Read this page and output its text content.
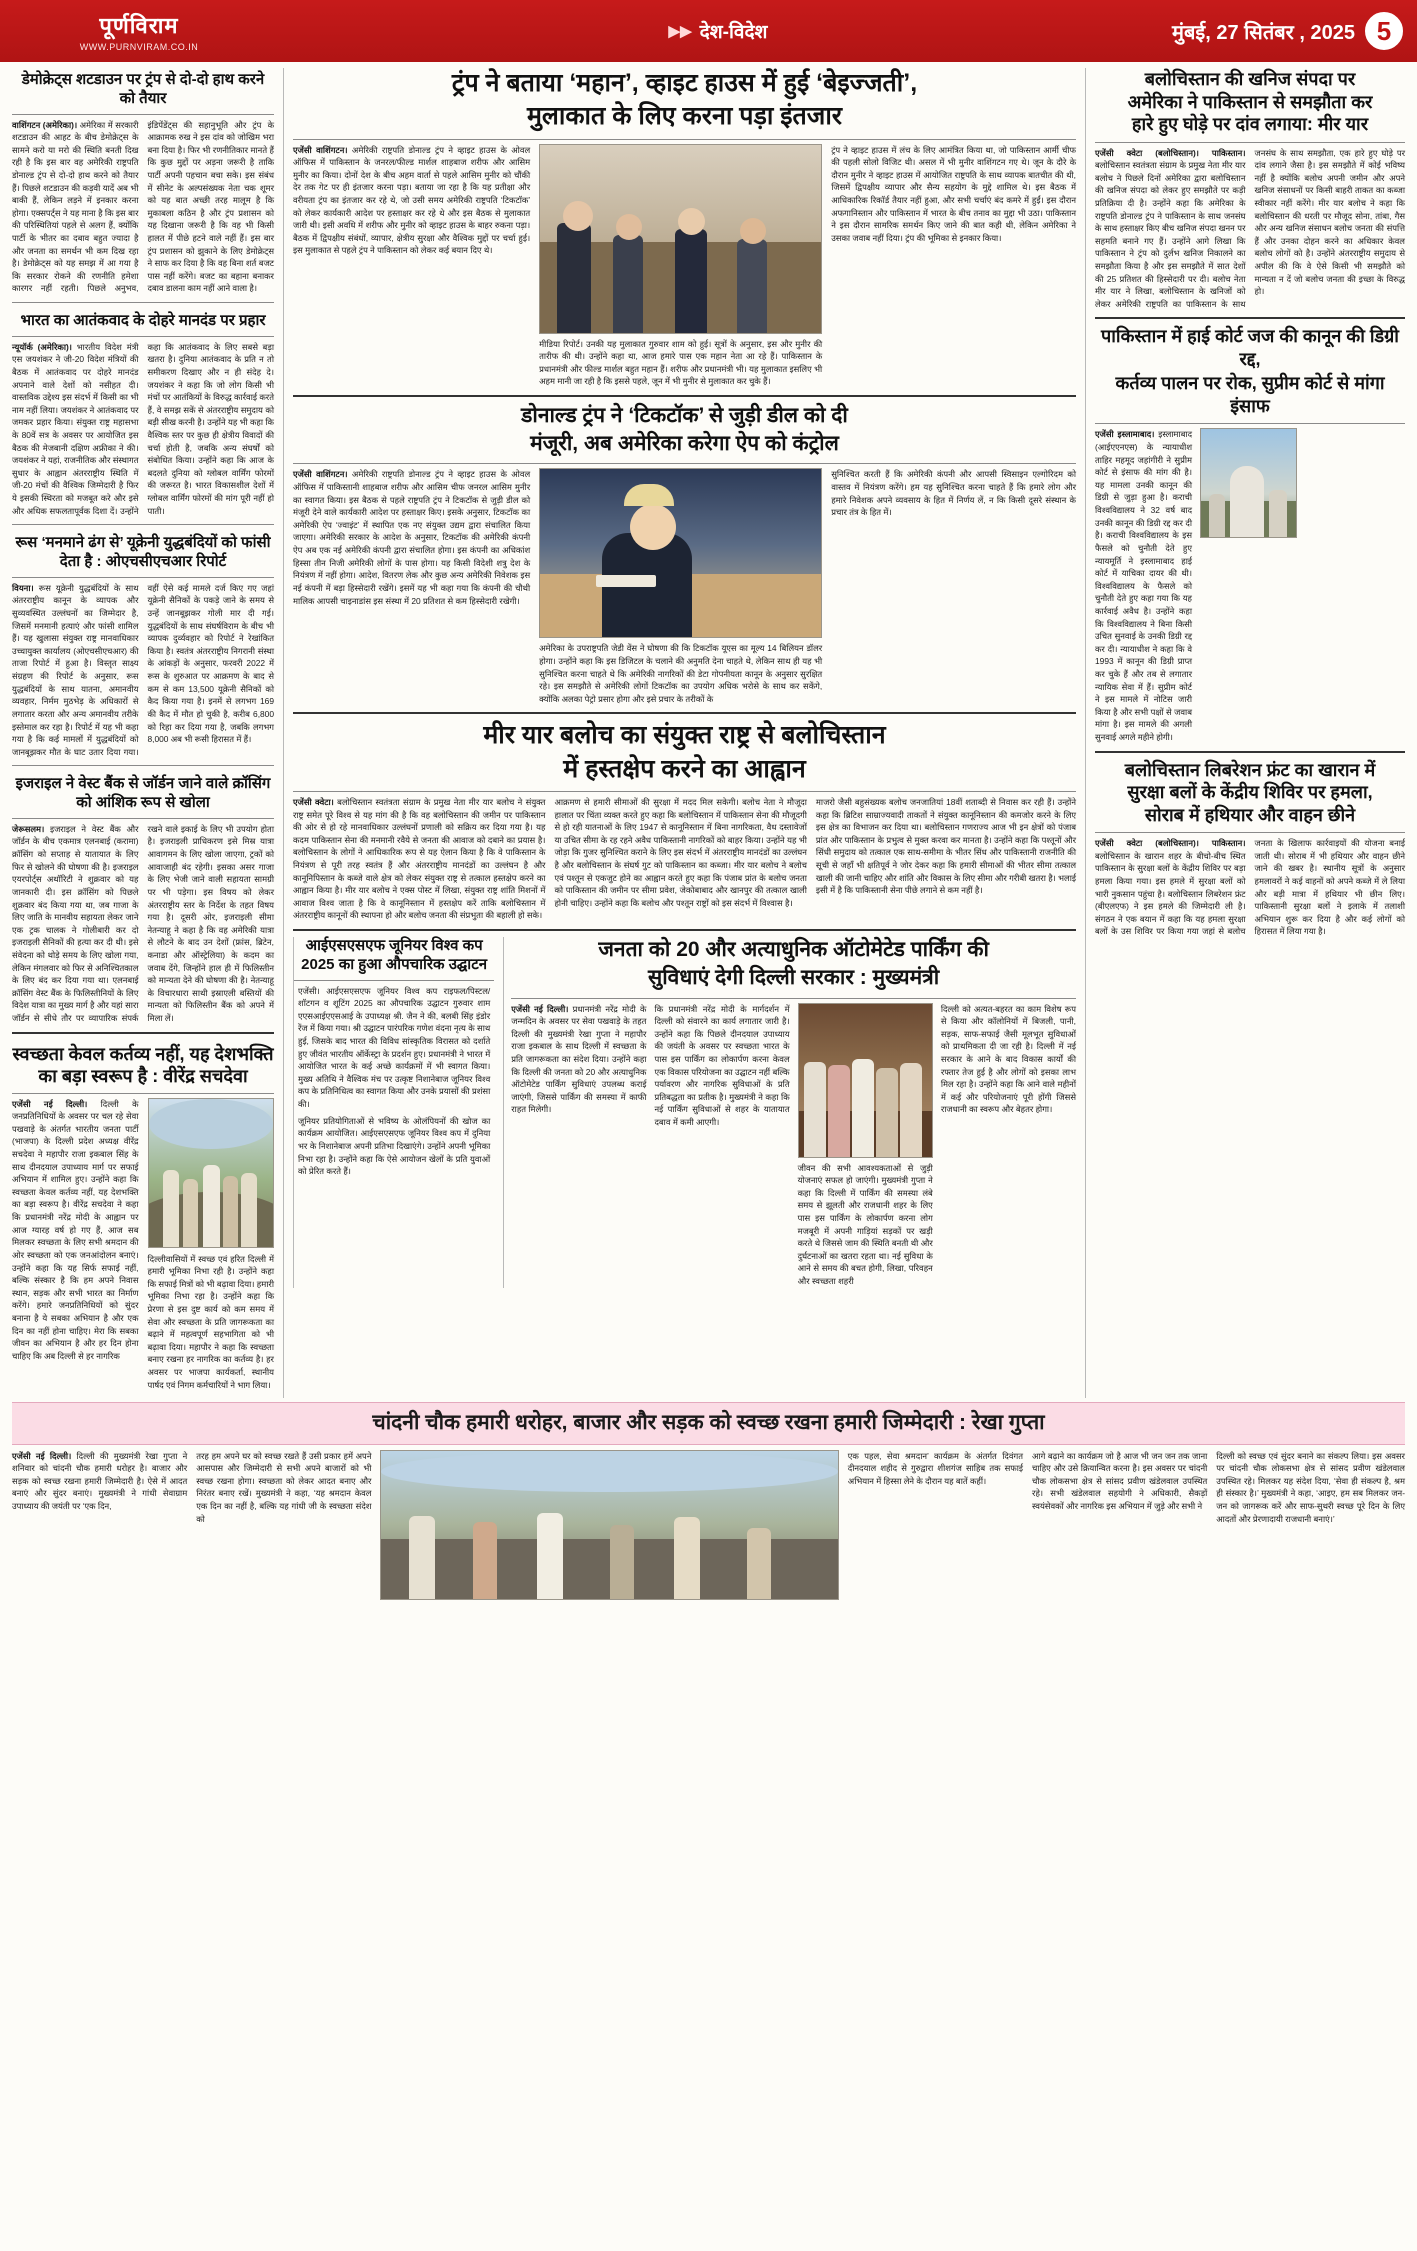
पूर्णविराम
WWW.PURNVIRAM.CO.IN
▶▶ देश-विदेश	मुंबई, 27 सितंबर , 2025 5
डेमोक्रेट्स शटडाउन पर ट्रंप से दो-दो हाथ करने को तैयार
वाशिंगटन (अमेरिका)। अमेरिका में सरकारी शटडाउन की आहट के बीच डेमोक्रेट्स के सामने करो या मरो की स्थिति बनती दिख रही है कि इस बार वह अमेरिकी राष्ट्रपति डोनाल्ड ट्रंप से दो-दो हाथ करने को तैयार हैं। पिछले शटडाउन की कड़वी यादें अब भी बाकी हैं, लेकिन लड़ने में इनकार करना होगा। एक्सपर्ट्स ने यह माना है कि इस बार की परिस्थितियां पहले से अलग हैं, क्योंकि पार्टी के भीतर का दबाव बहुत ज्यादा है और जनता का समर्थन भी कम दिख रहा है। डेमोक्रेट्स को यह समझ में आ गया है कि सरकार रोकने की रणनीति हमेशा कारगर नहीं रहती। पिछले अनुभव, इंडिपेंडेंट्स की सहानुभूति और ट्रंप के आक्रामक रुख ने इस दांव को जोखिम भरा बना दिया है। फिर भी रणनीतिकार मानते हैं कि कुछ मुद्दों पर अड़ना जरूरी है ताकि पार्टी अपनी पहचान बचा सके। इस संबंध में सीनेट के अल्पसंख्यक नेता चक शूमर को यह बात अच्छी तरह मालूम है कि मुकाबला कठिन है और ट्रंप प्रशासन को यह दिखाना जरूरी है कि वह भी किसी हालत में पीछे हटने वाले नहीं हैं। इस बार ट्रंप प्रशासन को झुकाने के लिए डेमोक्रेट्स ने साफ कर दिया है कि वह बिना शर्त बजट पास नहीं करेंगे। बजट का बहाना बनाकर दबाव डालना काम नहीं आने वाला है।
भारत का आतंकवाद के दोहरे मानदंड पर प्रहार
न्यूयॉर्क (अमेरिका)। भारतीय विदेश मंत्री एस जयशंकर ने जी-20 विदेश मंत्रियों की बैठक में आतंकवाद पर दोहरे मानदंड अपनाने वाले देशों को नसीहत दी। वास्तविक उद्देश्य इस संदर्भ में किसी का भी नाम नहीं लिया। जयशंकर ने आतंकवाद पर जमकर प्रहार किया। संयुक्त राष्ट्र महासभा के 80वें सत्र के अवसर पर आयोजित इस बैठक की मेजबानी दक्षिण अफ्रीका ने की। जयशंकर ने यहां, राजनीतिक और संस्थागत सुधार के आह्वान अंतरराष्ट्रीय स्थिति में जी-20 मंचों की वैश्विक जिम्मेदारी है फिर ये इसकी स्थिरता को मजबूत करे और इसे और अधिक सफलतापूर्वक दिशा दें। उन्होंने कहा कि आतंकवाद के लिए सबसे बड़ा खतरा है। दुनिया आतंकवाद के प्रति न तो समीकरण दिखाए और न ही संदेह दे। जयशंकर ने कहा कि जो लोग किसी भी मंचों पर आतंकियों के विरुद्ध कार्रवाई करते हैं, वे समझ सकें से अंतरराष्ट्रीय समुदाय को बड़ी सीख करनी है। उन्होंने यह भी कहा कि वैश्विक स्तर पर कुछ ही क्षेत्रीय विवादों की चर्चा होती है, जबकि अन्य संघर्षों को संबोधित किया। उन्होंने कहा कि आज के बदलते दुनिया को ग्लोबल वार्मिंग फोरमों की जरूरत है। भारत विकासशील देशों में ग्लोबल वार्मिंग फोरमों की मांग पूरी नहीं हो पाती।
रूस ‘मनमाने ढंग से’ यूक्रेनी युद्धबंदियों को फांसी देता है : ओएचसीएचआर रिपोर्ट
वियना। रूस यूक्रेनी युद्धबंदियों के साथ अंतरराष्ट्रीय कानून के व्यापक और सुव्यवस्थित उल्लंघनों का जिम्मेदार है, जिसमें मनमानी हत्याएं और फांसी शामिल हैं। यह खुलासा संयुक्त राष्ट्र मानवाधिकार उच्चायुक्त कार्यालय (ओएचसीएचआर) की ताजा रिपोर्ट में हुआ है। विस्तृत साक्ष्य संग्रहण की रिपोर्ट के अनुसार, रूस युद्धबंदियों के साथ यातना, अमानवीय व्यवहार, निर्मम मुठभेड़ के अधिकारों से लगातार करता और अन्य अमानवीय तरीके इस्तेमाल कर रहा है। रिपोर्ट में यह भी कहा गया है कि कई मामलों में युद्धबंदियों को जानबूझकर मौत के घाट उतार दिया गया। वहीं ऐसे कई मामले दर्ज किए गए जहां यूक्रेनी सैनिकों के पकड़े जाने के समय से उन्हें जानबूझकर गोली मार दी गई। युद्धबंदियों के साथ संघर्षविराम के बीच भी व्यापक दुर्व्यवहार को रिपोर्ट ने रेखांकित किया है। स्वतंत्र अंतरराष्ट्रीय निगरानी संस्था के आंकड़ों के अनुसार, फरवरी 2022 में रूस के शुरुआत पर आक्रमण के बाद से कम से कम 13,500 यूक्रेनी सैनिकों को कैद किया गया है। इनमें से लगभग 169 की कैद में मौत हो चुकी है, करीब 6,800 को रिहा कर दिया गया है, जबकि लगभग 8,000 अब भी रूसी हिरासत में हैं।
इजराइल ने वेस्ट बैंक से जॉर्डन जाने वाले क्रॉसिंग को आंशिक रूप से खोला
जेरूसलम। इजराइल ने वेस्ट बैंक और जॉर्डन के बीच एकमात्र एलनबाई (करामा) क्रॉसिंग को सप्ताह से यातायात के लिए फिर से खोलने की घोषणा की है। इजराइल एयरपोर्ट्स अथॉरिटी ने शुक्रवार को यह जानकारी दी। इस क्रॉसिंग को पिछले शुक्रवार बंद किया गया था, जब गाजा के लिए जाति के मानवीय सहायता लेकर जाने एक ट्रक चालक ने गोलीबारी कर दो इजराइली सैनिकों की हत्या कर दी थी। इसे संवेदना को थोड़े समय के लिए खोला गया, लेकिन मंगलवार को फिर से अनिश्चितकाल के लिए बंद कर दिया गया था। एलनबाई क्रॉसिंग वेस्ट बैंक के फिलिस्तीनियों के लिए विदेश यात्रा का मुख्य मार्ग है और यहां सारा जॉर्डन से सीधे तौर पर व्यापारिक संपर्क रखने वाले इकाई के लिए भी उपयोग होता है। इजराइली प्राधिकरण इसे मिस्र यात्रा आवागमन के लिए खोला जाएगा, ट्रकों को आवाजाही बंद रहेगी। इसका असर गाजा के लिए भेजी जाने वाली सहायता सामग्री पर भी पड़ेगा। इस विषय को लेकर अंतरराष्ट्रीय स्तर के निर्देश के तहत विषय गया है। दूसरी ओर, इजराइली सीमा नेतन्याहू ने कहा है कि वह अमेरिकी यात्रा से लौटने के बाद उन देशों (फ्रांस, ब्रिटेन, कनाडा और ऑस्ट्रेलिया) के कदम का जवाब देंगे, जिन्होंने हाल ही में फिलिस्तीन को मान्यता देने की घोषणा की है। नेतन्याहू के विचारधारा साथी इस्राएली बस्तियों की मान्यता को फिलिस्तीन बैंक को अपने में मिला लें।
स्वच्छता केवल कर्तव्य नहीं, यह देशभक्ति का बड़ा स्वरूप है : वीरेंद्र सचदेवा
एजेंसी नई दिल्ली। दिल्ली के जनप्रतिनिधियों के अवसर पर चल रहे सेवा पखवाड़े के अंतर्गत भारतीय जनता पार्टी (भाजपा) के दिल्ली प्रदेश अध्यक्ष वीरेंद्र सचदेवा ने महापौर राजा इकबाल सिंह के साथ दीनदयाल उपाध्याय मार्ग पर सफाई अभियान में शामिल हुए। उन्होंने कहा कि स्वच्छता केवल कर्तव्य नहीं, यह देशभक्ति का बड़ा स्वरूप है। वीरेंद्र सचदेवा ने कहा कि प्रधानमंत्री नरेंद्र मोदी के आह्वान पर आज ग्यारह वर्ष हो गए हैं, आज सब मिलकर स्वच्छता के लिए सभी श्रमदान की ओर स्वच्छता को एक जनआंदोलन बनाएं। उन्होंने कहा कि यह सिर्फ सफाई नहीं, बल्कि संस्कार है कि हम अपने निवास स्थान, सड़क और सभी भारत का निर्माण करेंगे। हमारे जनप्रतिनिधियों को सुंदर बनाना है ये सबका अभियान है और एक दिन का नहीं होना चाहिए। मेरा कि सबका जीवन का अभियान है और हर दिन होना चाहिए कि अब दिल्ली से हर नागरिक
दिल्लीवासियों में स्वच्छ एवं हरित दिल्ली में हमारी भूमिका निभा रही है। उन्होंने कहा कि सफाई मित्रों को भी बढ़ावा दिया। हमारी भूमिका निभा रहा है। उन्होंने कहा कि प्रेरणा से इस दुष्ट कार्य को कम समय में सेवा और स्वच्छता के प्रति जागरूकता का बढ़ाने में महत्वपूर्ण सहभागिता को भी बढ़ावा दिया। महापौर ने कहा कि स्वच्छता बनाए रखना हर नागरिक का कर्तव्य है। हर अवसर पर भाजपा कार्यकर्ता, स्थानीय पार्षद एवं निगम कर्मचारियों ने भाग लिया।
ट्रंप ने बताया ‘महान’, व्हाइट हाउस में हुई ‘बेइज्जती’,
मुलाकात के लिए करना पड़ा इंतजार
एजेंसी वाशिंगटन। अमेरिकी राष्ट्रपति डोनाल्ड ट्रंप ने व्हाइट हाउस के ओवल ऑफिस में पाकिस्तान के जनरल/फील्ड मार्शल शाहबाज शरीफ और आसिम मुनीर का किया। दोनों देश के बीच अहम वार्ता से पहले आसिम मुनीर को चौंकी देर तक गेट पर ही इंतजार करना पड़ा। बताया जा रहा है कि यह प्रतीक्षा और वरीयता ट्रंप का इंतजार कर रहे थे, जो उसी समय अमेरिकी राष्ट्रपति ‘टिकटॉक’ को लेकर कार्यकारी आदेश पर हस्ताक्षर कर रहे थे और इस बैठक से मुलाकात जारी थी। इसी अवधि में शरीफ और मुनीर को व्हाइट हाउस के बाहर रुकना पड़ा। बैठक में द्विपक्षीय संबंधों, व्यापार, क्षेत्रीय सुरक्षा और वैश्विक मुद्दों पर चर्चा हुई। इस मुलाकात से पहले ट्रंप ने पाकिस्तान को लेकर कई बयान दिए थे।
मीडिया रिपोर्ट। उनकी यह मुलाकात गुरुवार शाम को हुई। सूत्रों के अनुसार, इस और मुनीर की तारीफ की थी। उन्होंने कहा था, आज हमारे पास एक महान नेता आ रहे हैं। पाकिस्तान के प्रधानमंत्री और फील्ड मार्शल बहुत महान हैं। शरीफ और प्रधानमंत्री भी। यह मुलाकात इसलिए भी अहम मानी जा रही है कि इससे पहले, जून में भी मुनीर से मुलाकात कर चुके हैं।
ट्रंप ने व्हाइट हाउस में लंच के लिए आमंत्रित किया था, जो पाकिस्तान आर्मी चीफ की पहली सोलो विजिट थी। असल में भी मुनीर वाशिंगटन गए थे। जून के दौरे के दौरान मुनीर ने व्हाइट हाउस में आयोजित राष्ट्रपति के साथ व्यापक बातचीत की थी, जिसमें द्विपक्षीय व्यापार और सैन्य सहयोग के मुद्दे शामिल थे। इस बैठक में आधिकारिक रिकॉर्ड तैयार नहीं हुआ, और सभी चर्चाएं बंद कमरे में हुईं। इस दौरान अफगानिस्तान और पाकिस्तान में भारत के बीच तनाव का मुद्दा भी उठा। पाकिस्तान ने इस दौरान सामरिक समर्थन किए जाने की बात कही थी, लेकिन अमेरिका ने उसका जवाब नहीं दिया। ट्रंप की भूमिका से इनकार किया।
डोनाल्ड ट्रंप ने ‘टिकटॉक’ से जुड़ी डील को दी
मंजूरी, अब अमेरिका करेगा ऐप को कंट्रोल
एजेंसी वाशिंगटन। अमेरिकी राष्ट्रपति डोनाल्ड ट्रंप ने व्हाइट हाउस के ओवल ऑफिस में पाकिस्तानी शाहबाज शरीफ और आसिम चीफ जनरल आसिम मुनीर का स्वागत किया। इस बैठक से पहले राष्ट्रपति ट्रंप ने टिकटॉक से जुड़ी डील को मंजूरी देने वाले कार्यकारी आदेश पर हस्ताक्षर किए। इसके अनुसार, टिकटॉक का अमेरिकी ऐप ‘ज्वाइंट’ में स्थापित एक नए संयुक्त उद्यम द्वारा संचालित किया जाएगा। अमेरिकी सरकार के आदेश के अनुसार, टिकटॉक की अमेरिकी कंपनी ऐप अब एक नई अमेरिकी कंपनी द्वारा संचालित होगा। इस कंपनी का अधिकांश हिस्सा तीन निजी अमेरिकी लोगों के पास होगा। यह किसी विदेशी शत्रु देश के नियंत्रण में नहीं होगा। आदेश, वितरण लेक और कुछ अन्य अमेरिकी निवेशक इस नई कंपनी में बड़ा हिस्सेदारी रखेंगे। इसमें यह भी कहा गया कि कंपनी की चौथी मालिक आपसी चाइनाडांस इस संस्था में 20 प्रतिशत से कम हिस्सेदारी रखेगी।
अमेरिका के उपराष्ट्रपति जेडी वेंस ने घोषणा की कि टिकटॉक यूएस का मूल्य 14 बिलियन डॉलर होगा। उन्होंने कहा कि इस डिजिटल के चलाने की अनुमति देना चाहते थे, लेकिन साथ ही यह भी सुनिश्चित करना चाहते थे कि अमेरिकी नागरिकों की डेटा गोपनीयता कानून के अनुसार सुरक्षित रहे। इस समझौते से अमेरिकी लोगों टिकटॉक का उपयोग अधिक भरोसे के साथ कर सकेंगे, क्योंकि अलका पेट्रो प्रसार होगा और इसे प्रचार के तरीकों के
सुनिश्चित करती हैं कि अमेरिकी कंपनी और आपसी स्विसाइन एल्गोरिदम को वास्तव में नियंत्रण करेंगे। हम यह सुनिश्चित करना चाहते हैं कि हमारे लोग और हमारे निवेशक अपने व्यवसाय के हित में निर्णय लें, न कि किसी दूसरे संस्थान के प्रचार तंत्र के हित में।
मीर यार बलोच का संयुक्त राष्ट्र से बलोचिस्तान
में हस्तक्षेप करने का आह्वान
एजेंसी क्वेटा। बलोचिस्तान स्वतंत्रता संग्राम के प्रमुख नेता मीर यार बलोच ने संयुक्त राष्ट्र समेत पूरे विश्व से यह मांग की है कि वह बलोचिस्तान की जमीन पर पाकिस्तान की ओर से हो रहे मानवाधिकार उल्लंघनों प्रणाली को सक्रिय कर दिया गया है। यह कदम पाकिस्तान सेना की मनमानी रवैये से जनता की आवाज को दबाने का प्रयास है। बलोचिस्तान के लोगों ने आधिकारिक रूप से यह ऐलान किया है कि वे पाकिस्तान के नियंत्रण से पूरी तरह स्वतंत्र हैं और अंतरराष्ट्रीय मानदंडों का उल्लंघन है और कानूनिपिस्तान के कब्जे वाले क्षेत्र को लेकर संयुक्त राष्ट्र से तत्काल हस्तक्षेप करने का आह्वान किया है। मीर यार बलोच ने एक्स पोस्ट में लिखा, संयुक्त राष्ट्र शांति मिशनों में आवाज विश्व जाता है कि वे कानूनिस्तान में हस्तक्षेप करें ताकि बलोचिस्तान में अंतरराष्ट्रीय कानूनों की स्थापना हो और बलोच जनता की संप्रभुता की बहाली हो सके।
आक्रमण से हमारी सीमाओं की सुरक्षा में मदद मिल सकेगी। बलोच नेता ने मौजूदा हालात पर चिंता व्यक्त करते हुए कहा कि बलोचिस्तान में पाकिस्तान सेना की मौजूदगी से हो रही यातनाओं के लिए 1947 से कानूनिस्तान में बिना नागरिकता, वैध दस्तावेजों या उचित सीमा के रह रहने अवैध पाकिस्तानी नागरिकों को बाहर किया। उन्होंने यह भी जोड़ा कि गुजर सुनिश्चित कराने के लिए इस संदर्भ में अंतरराष्ट्रीय मानदंडों का उल्लंघन है और बलोचिस्तान के संघर्ष गुट को पाकिस्तान का कब्जा। मीर यार बलोच ने बलोच एवं पश्तून से एकजुट होने का आह्वान करते हुए कहा कि पंजाब प्रांत के बलोच जनता को पाकिस्तान की जमीन पर सीमा प्रवेश, जेकोबाबाद और खानपुर की तत्काल खाली होनी चाहिए। उन्होंने कहा कि बलोच और पश्तून राष्ट्रों को इस संदर्भ में विश्वास है।
माजरो जैसी बहुसंख्यक बलोच जनजातियां 18वीं शताब्दी से निवास कर रही हैं। उन्होंने कहा कि ब्रिटिश साम्राज्यवादी ताकतों ने संयुक्त कानूनिस्तान की कमजोर करने के लिए इस क्षेत्र का विभाजन कर दिया था। बलोचिस्तान गणराज्य आज भी इन क्षेत्रों को पंजाब प्रांत और पाकिस्तान के प्रभुत्व से मुक्त करवा कर मानता है। उन्होंने कहा कि पश्तूनों और सिंधी समुदाय को तत्काल एक साथ-समीमा के भीतर सिंध और पाकिस्तानी राजनीति की सूची से जहाँ भी क्षतिपूर्व ने जोर देकर कहा कि हमारी सीमाओं की भीतर सीमा तत्काल खाली की जानी चाहिए और शांति और विकास के लिए सीमा और गरीबी खतरा है। भलाई इसी में है कि पाकिस्तानी सेना पीछे लगाने से कम नहीं है।
आईएसएसएफ जूनियर विश्व कप 2025 का हुआ औपचारिक उद्घाटन
एजेंसी। आईएसएसएफ जूनियर विश्व कप राइफल/पिस्टल/शॉटगन व शूटिंग 2025 का औपचारिक उद्घाटन गुरुवार शाम एएसआईएएसआई के उपाध्यक्ष श्री. जैन ने की, बलबी सिंह इंडोर रेंज में किया गया। श्री उद्घाटन पारंपरिक गणेश वंदना नृत्य के साथ हुई, जिसके बाद भारत की विविध सांस्कृतिक विरासत को दर्शाते हुए जीवंत भारतीय ऑर्केस्ट्रा के प्रदर्शन हुए। प्रधानमंत्री ने भारत में आयोजित भारत के कई अच्छे कार्यक्रमों में भी स्वागत किया। मुख्य अतिथि ने वैश्विक मंच पर उत्कृष्ट निशानेबाज जूनियर विश्व कप के प्रतिनिधित्व का स्वागत किया और उनके प्रयासों की प्रशंसा की।
जूनियर प्रतियोगिताओं से भविष्य के ओलंपियनों की खोज का कार्यक्रम आयोजित। आईएसएसएफ जूनियर विश्व कप में दुनिया भर के निशानेबाज अपनी प्रतिभा दिखाएंगे। उन्होंने अपनी भूमिका निभा रहा है। उन्होंने कहा कि ऐसे आयोजन खेलों के प्रति युवाओं को प्रेरित करते हैं।
जनता को 20 और अत्याधुनिक ऑटोमेटेड पार्किंग की
सुविधाएं देगी दिल्ली सरकार : मुख्यमंत्री
एजेंसी नई दिल्ली। प्रधानमंत्री नरेंद्र मोदी के जन्मदिन के अवसर पर सेवा पखवाड़े के तहत दिल्ली की मुख्यमंत्री रेखा गुप्ता ने महापौर राजा इकबाल के साथ दिल्ली में स्वच्छता के प्रति जागरूकता का संदेश दिया। उन्होंने कहा कि दिल्ली की जनता को 20 और अत्याधुनिक ऑटोमेटेड पार्किंग सुविधाएं उपलब्ध कराई जाएंगी, जिससे पार्किंग की समस्या में काफी राहत मिलेगी।
कि प्रधानमंत्री नरेंद्र मोदी के मार्गदर्शन में दिल्ली को संवारने का कार्य लगातार जारी है। उन्होंने कहा कि पिछले दीनदयाल उपाध्याय की जयंती के अवसर पर स्वच्छता भारत के पास इस पार्किंग का लोकार्पण करना केवल एक विकास परियोजना का उद्घाटन नहीं बल्कि पर्यावरण और नागरिक सुविधाओं के प्रति प्रतिबद्धता का प्रतीक है। मुख्यमंत्री ने कहा कि नई पार्किंग सुविधाओं से शहर के यातायात दबाव में कमी आएगी।
जीवन की सभी आवश्यकताओं से जुड़ी योजनाएं सफल हो जाएंगी। मुख्यमंत्री गुप्ता ने कहा कि दिल्ली में पार्किंग की समस्या लंबे समय से झूलती और राजधानी शहर के लिए पास इस पार्किंग के लोकार्पण करना लोग मजबूरी में अपनी गाड़ियां सड़कों पर खड़ी करते थे जिससे जाम की स्थिति बनती थी और दुर्घटनाओं का खतरा रहता था। नई सुविधा के आने से समय की बचत होगी, लिखा, परिवहन और स्वच्छता शहरी
दिल्ली को अत्यत-बहरत का काम विशेष रूप से किया और कॉलोनियों में बिजली, पानी, सड़क, साफ-सफाई जैसी मूलभूत सुविधाओं को प्राथमिकता दी जा रही है। दिल्ली में नई सरकार के आने के बाद विकास कार्यों की रफ्तार तेज हुई है और लोगों को इसका लाभ मिल रहा है। उन्होंने कहा कि आने वाले महीनों में कई और परियोजनाएं पूरी होंगी जिससे राजधानी का स्वरूप और बेहतर होगा।
बलोचिस्तान की खनिज संपदा पर
अमेरिका ने पाकिस्तान से समझौता कर
हारे हुए घोड़े पर दांव लगाया: मीर यार
एजेंसी क्वेटा (बलोचिस्तान)। पाकिस्तान। बलोचिस्तान स्वतंत्रता संग्राम के प्रमुख नेता मीर यार बलोच ने पिछले दिनों अमेरिका द्वारा बलोचिस्तान की खनिज संपदा को लेकर हुए समझौते पर कड़ी प्रतिक्रिया दी है। उन्होंने कहा कि अमेरिका के राष्ट्रपति डोनाल्ड ट्रंप ने पाकिस्तान के साथ जनसंघ के साथ हस्ताक्षर किए बीच खनिज संपदा खनन पर सहमति बनाने गए हैं। उन्होंने आगे लिखा कि पाकिस्तान ने ट्रंप को दुर्लभ खनिज निकालने का समझौता किया है और इस समझौते में सात देशों की 25 प्रतिशत की हिस्सेदारी पर दी। बलोच नेता मीर यार ने लिखा, बलोचिस्तान के खनिजों को लेकर अमेरिकी राष्ट्रपति का पाकिस्तान के साथ जनसंघ के साथ समझौता, एक हारे हुए घोड़े पर दांव लगाने जैसा है। इस समझौते में कोई भविष्य नहीं है क्योंकि बलोच अपनी जमीन और अपने खनिज संसाधनों पर किसी बाहरी ताकत का कब्जा स्वीकार नहीं करेंगे। मीर यार बलोच ने कहा कि बलोचिस्तान की धरती पर मौजूद सोना, तांबा, गैस और अन्य खनिज संसाधन बलोच जनता की संपत्ति हैं और उनका दोहन करने का अधिकार केवल बलोच लोगों को है। उन्होंने अंतरराष्ट्रीय समुदाय से अपील की कि वे ऐसे किसी भी समझौते को मान्यता न दें जो बलोच जनता की इच्छा के विरुद्ध हो।
पाकिस्तान में हाई कोर्ट जज की कानून की डिग्री रद्द,
कर्तव्य पालन पर रोक, सुप्रीम कोर्ट से मांगा इंसाफ
एजेंसी इस्लामाबाद। इस्लामाबाद (आईएएनएस) के न्यायाधीश ताहिर महमूद जहांगीरी ने सुप्रीम कोर्ट से इंसाफ की मांग की है। यह मामला उनकी कानून की डिग्री से जुड़ा हुआ है। कराची विश्वविद्यालय ने 32 वर्ष बाद उनकी कानून की डिग्री रद्द कर दी है। कराची विश्वविद्यालय के इस फैसले को चुनौती देते हुए न्यायमूर्ति ने इस्लामाबाद हाई कोर्ट में याचिका दायर की थी। विश्वविद्यालय के फैसले को चुनौती देते हुए कहा गया कि यह कार्रवाई अवैध है। उन्होंने कहा कि विश्वविद्यालय ने बिना किसी उचित सुनवाई के उनकी डिग्री रद्द कर दी। न्यायाधीश ने कहा कि वे 1993 में कानून की डिग्री प्राप्त कर चुके हैं और तब से लगातार न्यायिक सेवा में हैं। सुप्रीम कोर्ट ने इस मामले में नोटिस जारी किया है और सभी पक्षों से जवाब मांगा है। इस मामले की अगली सुनवाई अगले महीने होगी।

बलोचिस्तान लिबरेशन फ्रंट का खारान में
सुरक्षा बलों के केंद्रीय शिविर पर हमला,
सोराब में हथियार और वाहन छीने
एजेंसी क्वेटा (बलोचिस्तान)। पाकिस्तान। बलोचिस्तान के खारान शहर के बीचो-बीच स्थित पाकिस्तान के सुरक्षा बलों के केंद्रीय शिविर पर बड़ा हमला किया गया। इस हमले में सुरक्षा बलों को भारी नुकसान पहुंचा है। बलोचिस्तान लिबरेशन फ्रंट (बीएलएफ) ने इस हमले की जिम्मेदारी ली है। संगठन ने एक बयान में कहा कि यह हमला सुरक्षा बलों के उस शिविर पर किया गया जहां से बलोच जनता के खिलाफ कार्रवाइयों की योजना बनाई जाती थी। सोराब में भी हथियार और वाहन छीने जाने की खबर है। स्थानीय सूत्रों के अनुसार हमलावरों ने कई वाहनों को अपने कब्जे में ले लिया और बड़ी मात्रा में हथियार भी छीन लिए। पाकिस्तानी सुरक्षा बलों ने इलाके में तलाशी अभियान शुरू कर दिया है और कई लोगों को हिरासत में लिया गया है।
चांदनी चौक हमारी धरोहर, बाजार और सड़क को स्वच्छ रखना हमारी जिम्मेदारी : रेखा गुप्ता
एजेंसी नई दिल्ली। दिल्ली की मुख्यमंत्री रेखा गुप्ता ने शनिवार को चांदनी चौक हमारी धरोहर है। बाजार और सड़क को स्वच्छ रखना हमारी जिम्मेदारी है। ऐसे में आदत बनाएं और सुंदर बनाएं। मुख्यमंत्री ने गांधी सेवाग्राम उपाध्याय की जयंती पर ‘एक दिन,
तरह हम अपने घर को स्वच्छ रखते हैं उसी प्रकार हमें अपने आसपास और जिम्मेदारी से सभी अपने बाजारों को भी स्वच्छ रखना होगा। स्वच्छता को लेकर आदत बनाए और निरंतर बनाए रखें। मुख्यमंत्री ने कहा, ‘यह श्रमदान केवल एक दिन का नहीं है, बल्कि यह गांधी जी के स्वच्छता संदेश को
एक पहल, सेवा श्रमदान’ कार्यक्रम के अंतर्गत दिवंगत दीनदयाल शहीद से गुरुद्वारा शीशगंज साहिब तक सफाई अभियान में हिस्सा लेने के दौरान यह बातें कहीं।
आगे बढ़ाने का कार्यक्रम जो है आज भी जन जन तक जाना चाहिए और उसे क्रियान्वित करना है। इस अवसर पर चांदनी चौक लोकसभा क्षेत्र से सांसद प्रवीण खंडेलवाल उपस्थित रहे। सभी खंडेलवाल सहयोगी ने अधिकारी, सैकड़ों स्वयंसेवकों और नागरिक इस अभियान में जुड़े और सभी ने
दिल्ली को स्वच्छ एवं सुंदर बनाने का संकल्प लिया। इस अवसर पर चांदनी चौक लोकसभा क्षेत्र से सांसद प्रवीण खंडेलवाल उपस्थित रहे। मिलकर यह संदेश दिया, ‘सेवा ही संकल्प है, श्रम ही संस्कार है।’ मुख्यमंत्री ने कहा, ‘आइए, हम सब मिलकर जन-जन को जागरूक करें और साफ-सुथरी स्वच्छ पूरे दिन के लिए आदतों और प्रेरणादायी राजधानी बनाएं।’
